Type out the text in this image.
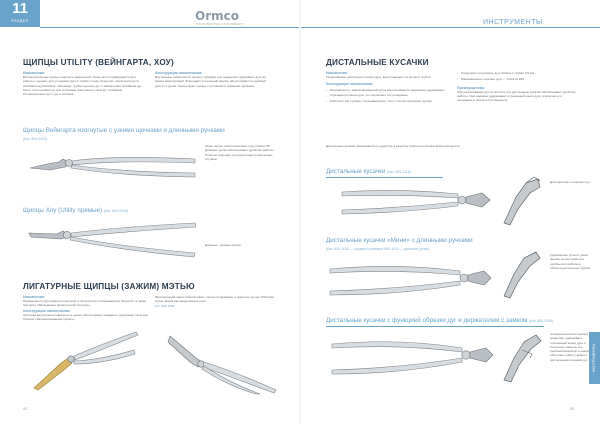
11
РАЗДЕЛ	Ormco
YOUR PRACTICE. OUR PRIORITY.
ЩИПЦЫ UTILITY (ВЕЙНГАРТА, ХОУ)
Назначение:
Вспомогательные щипцы широкого назначения. Чаще всего применяются для работы с дугами: для установки дуги в трубки и пазы брекетов, извлечения дуги, изгибания дуги вблизи, например, трубок щечных дуг и завершения изгибания дуг. Могут использоваться для установки эластиков и лигатур, изгибания интраоральных дуг и дуг в клинике.
Конструкция наконечника:
Внутренние поверхности щечек с зубцами для надежного удержания дуги во время манипуляций. Благодаря утонченной форме обеспечивается удобный доступ к дугам. Существуют щипцы с угловыми и прямыми щечками.
Щипцы Вейнгарта изогнутые с узкими щечками и длинными ручками
(Кат. 800-0423)
Узкие щечки, расположенные под углом в 45°. Длинные ручки обеспечивают удобство работы. Отлично подходят для различных клинических случаев.
Щипцы Хоу (Utility прямые) (Кат. 800-0349)
Длинные, прямые щечки.
ЛИГАТУРНЫЕ ЩИПЦЫ (ЗАЖИМ) МЭТЬЮ
Назначение:
Применяются для захвата эластиков и лигатур при лигировании на брекетах, а также быстрого обвязывания проволочной лигатуры.
Конструкция наконечника:
Зубчатая внутренняя поверхность щечек обеспечивает надежное удержание лигатуры. Хорошо сбалансированная рукоять.
Фиксирующий замок обеспечивает легкое открывание и закрытие щечек. Работает в руке врача как продолжение руки.
Кат. 800-1858
92
ИНСТРУМЕНТЫ
ДИСТАЛЬНЫЕ КУСАЧКИ
Назначение:
Укорачивание дистального конца дуги, выступающего из щечных трубок.
Конструкция наконечника:
• Безопасность: зафиксированный кусок обеспечивается надежным удержанием отрезанного конца дуги, что исключает его попадание.
• Работают как с ранее откусывающими, так и с более крупными дугами.
• Позволяют откусывать дугу вблизи к трубке 0,5 мм.
• Максимальное сечение дуги — 0,021×0,025.
Преимущества:
При укорачивании дуги в полости рта дистальные кусачки обеспечивают удобство работы. Они надежно удерживают отрезанный конец дуги, исключая его попадание в полость рта пациента.
Дистальные кусачки различаются по удобству и качеству работы в клинике врача-ортодонта.
Дистальные кусачки (Кат. 800-1116)
Для коротких и широких дуг.
Дистальные кусачки «Мини» с длинными ручками
(Кат. 800-1118 — среднего размера 800-1119 — длинные ручки)
Удлиненные ручки и узкая форма щечек наиболее удобны для работы в области дистальных трубок.
Дистальные кусачки с функцией обрезки дуг и держателем с замком (Кат. 800-0306)
Специальная конструкция позволяет удерживать отрезанный конец дуги и безопасно извлечь его. Удобный фиксатор и замок облегчают работу врача с дистальными концами дуг.	ИНСТРУМЕНТЫ
93
